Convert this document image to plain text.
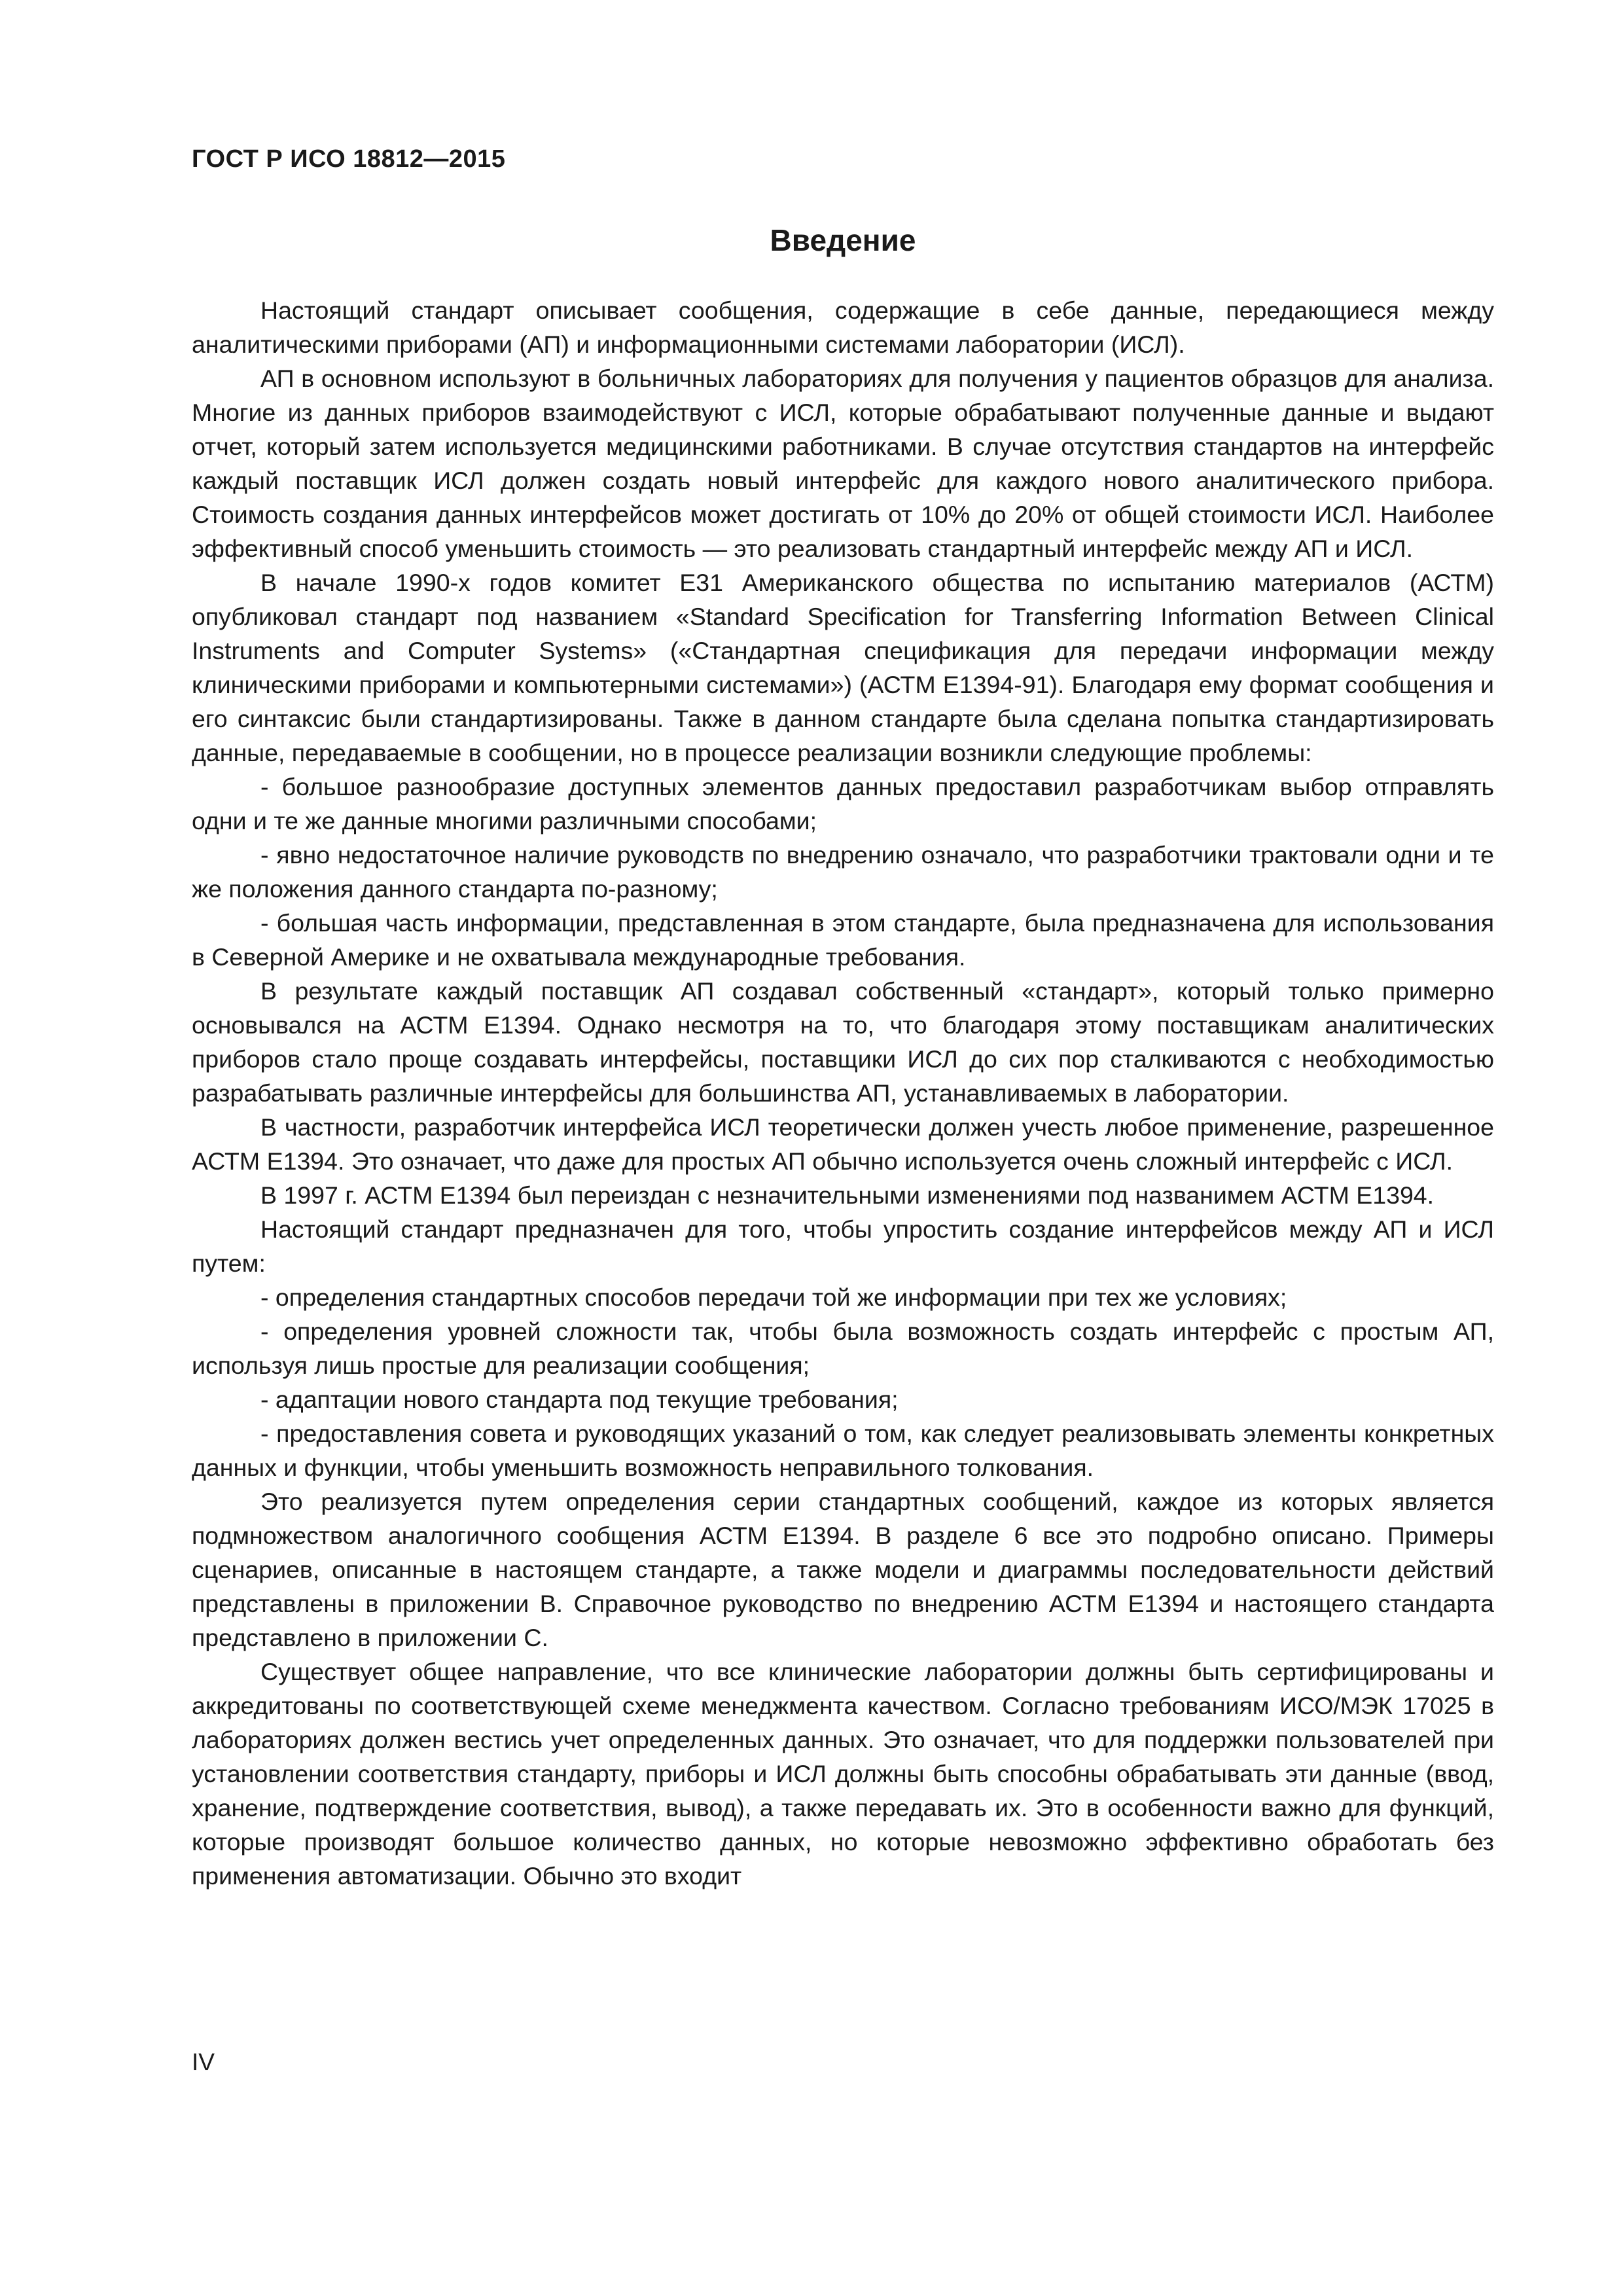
ГОСТ Р ИСО 18812—2015
Введение

Настоящий стандарт описывает сообщения, содержащие в себе данные, передающиеся между аналитическими приборами (АП) и информационными системами лаборатории (ИСЛ).

АП в основном используют в больничных лабораториях для получения у пациентов образцов для анализа. Многие из данных приборов взаимодействуют с ИСЛ, которые обрабатывают полученные данные и выдают отчет, который затем используется медицинскими работниками. В случае отсутствия стандартов на интерфейс каждый поставщик ИСЛ должен создать новый интерфейс для каждого нового аналитического прибора. Стоимость создания данных интерфейсов может достигать от 10% до 20% от общей стоимости ИСЛ. Наиболее эффективный способ уменьшить стоимость — это реализовать стандартный интерфейс между АП и ИСЛ.

В начале 1990-х годов комитет Е31 Американского общества по испытанию материалов (АСТМ) опубликовал стандарт под названием «Standard Specification for Transferring Information Between Clinical Instruments and Computer Systems» («Стандартная спецификация для передачи информации между клиническими приборами и компьютерными системами») (АСТМ Е1394-91). Благодаря ему формат сообщения и его синтаксис были стандартизированы. Также в данном стандарте была сделана попытка стандартизировать данные, передаваемые в сообщении, но в процессе реализации возникли следующие проблемы:

- большое разнообразие доступных элементов данных предоставил разработчикам выбор отправлять одни и те же данные многими различными способами;

- явно недостаточное наличие руководств по внедрению означало, что разработчики трактовали одни и те же положения данного стандарта по-разному;

- большая часть информации, представленная в этом стандарте, была предназначена для использования в Северной Америке и не охватывала международные требования.

В результате каждый поставщик АП создавал собственный «стандарт», который только примерно основывался на АСТМ Е1394. Однако несмотря на то, что благодаря этому поставщикам аналитических приборов стало проще создавать интерфейсы, поставщики ИСЛ до сих пор сталкиваются с необходимостью разрабатывать различные интерфейсы для большинства АП, устанавливаемых в лаборатории.

В частности, разработчик интерфейса ИСЛ теоретически должен учесть любое применение, разрешенное АСТМ Е1394. Это означает, что даже для простых АП обычно используется очень сложный интерфейс с ИСЛ.

В 1997 г. АСТМ Е1394 был переиздан с незначительными изменениями под названимем АСТМ Е1394.

Настоящий стандарт предназначен для того, чтобы упростить создание интерфейсов между АП и ИСЛ путем:

- определения стандартных способов передачи той же информации при тех же условиях;

- определения уровней сложности так, чтобы была возможность создать интерфейс с простым АП, используя лишь простые для реализации сообщения;

- адаптации нового стандарта под текущие требования;

- предоставления совета и руководящих указаний о том, как следует реализовывать элементы конкретных данных и функции, чтобы уменьшить возможность неправильного толкования.

Это реализуется путем определения серии стандартных сообщений, каждое из которых является подмножеством аналогичного сообщения АСТМ Е1394. В разделе 6 все это подробно описано. Примеры сценариев, описанные в настоящем стандарте, а также модели и диаграммы последовательности действий представлены в приложении В. Справочное руководство по внедрению АСТМ Е1394 и настоящего стандарта представлено в приложении С.

Существует общее направление, что все клинические лаборатории должны быть сертифицированы и аккредитованы по соответствующей схеме менеджмента качеством. Согласно требованиям ИСО/МЭК 17025 в лабораториях должен вестись учет определенных данных. Это означает, что для поддержки пользователей при установлении соответствия стандарту, приборы и ИСЛ должны быть способны обрабатывать эти данные (ввод, хранение, подтверждение соответствия, вывод), а также передавать их. Это в особенности важно для функций, которые производят большое количество данных, но которые невозможно эффективно обработать без применения автоматизации. Обычно это входит

IV
